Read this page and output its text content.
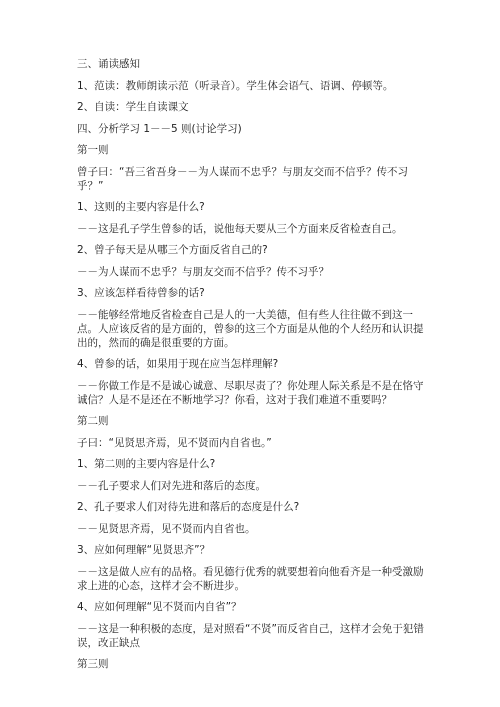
三、诵读感知
1、范读：教师朗读示范（听录音）。学生体会语气、语调、停顿等。
2、自读：学生自读课文
四、分析学习 1－－5 则(讨论学习)
第一则
曾子曰：“吾三省吾身－－为人谋而不忠乎？与朋友交而不信乎？传不习乎？”
1、这则的主要内容是什么?
－－这是孔子学生曾参的话，说他每天要从三个方面来反省检查自己。
2、曾子每天是从哪三个方面反省自己的?
－－为人谋而不忠乎？与朋友交而不信乎？传不习乎？
3、应该怎样看待曾参的话?
－－能够经常地反省检查自己是人的一大美德，但有些人往往做不到这一点。人应该反省的是方面的，曾参的这三个方面是从他的个人经历和认识提出的，然而的确是很重要的方面。
4、曾参的话，如果用于现在应当怎样理解?
－－你做工作是不是诚心诚意、尽职尽责了？你处理人际关系是不是在恪守诚信？人是不是还在不断地学习？你看，这对于我们难道不重要吗？
第二则
子曰：“见贤思齐焉，见不贤而内自省也。”
1、第二则的主要内容是什么?
－－孔子要求人们对先进和落后的态度。
2、孔子要求人们对待先进和落后的态度是什么?
－－见贤思齐焉，见不贤而内自省也。
3、应如何理解“见贤思齐”？
－－这是做人应有的品格。看见德行优秀的就要想着向他看齐是一种受激励求上进的心态，这样才会不断进步。
4、应如何理解“见不贤而内自省”？
－－这是一种积极的态度，是对照看“不贤”而反省自己，这样才会免于犯错误，改正缺点
第三则
